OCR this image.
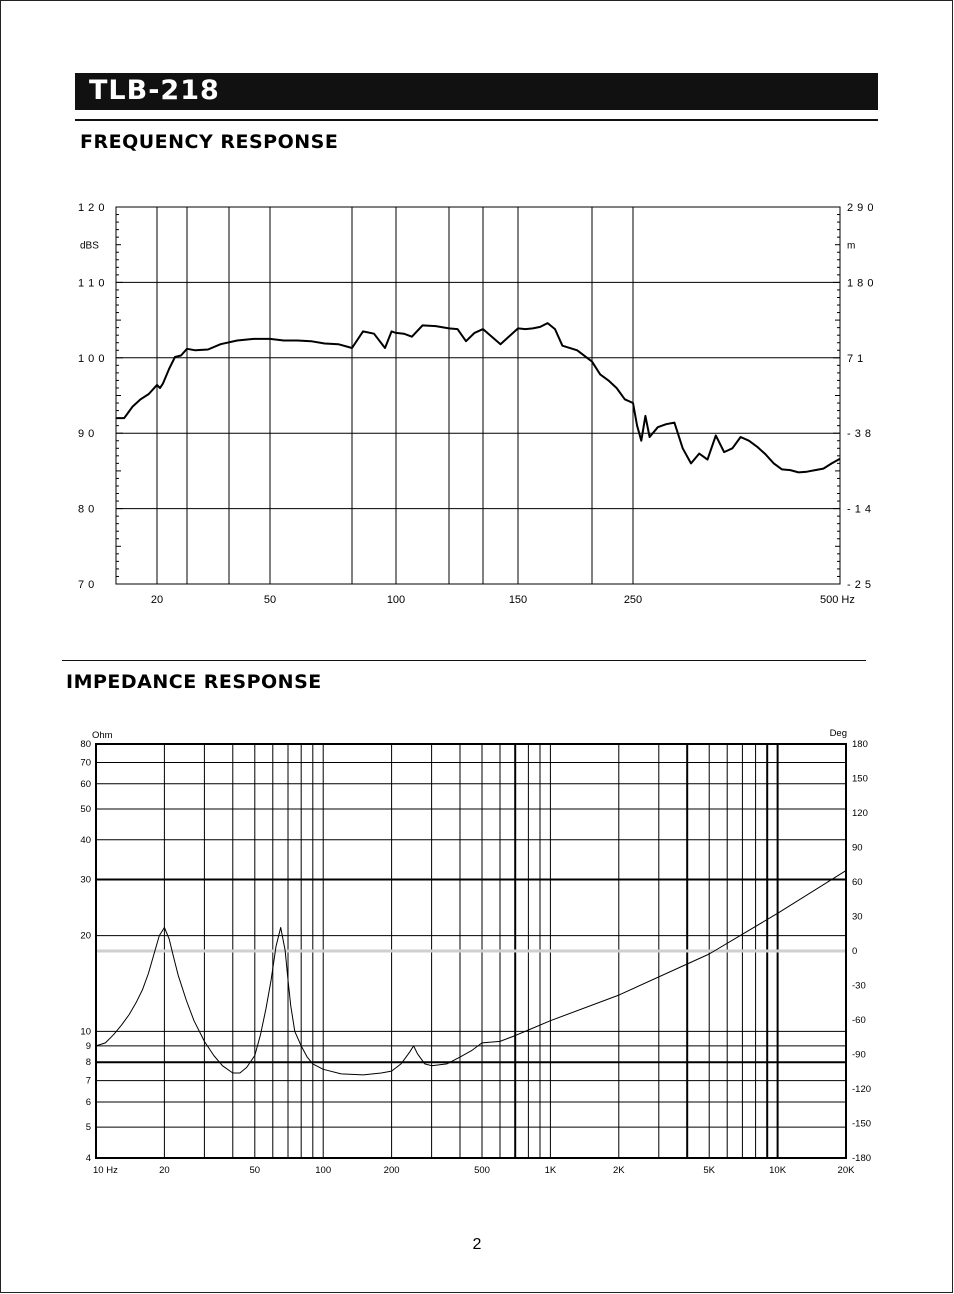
TLB-218
FREQUENCY RESPONSE
IMPEDANCE RESPONSE
1 2 0
1 1 0
1 0 0
9 0
8 0
7 0
dBS
2 9 0
1 8 0
7 1
- 3 8
- 1 4
- 2 5
m
20	50	100	150	250	500 Hz
80
70
60
50
40
30
20
10
9
8
7
6
5
4
Ohm
180
150
120
90
60
30
0
-30
-60
-90
-120
-150
-180
Deg
10 Hz	20	50	100	200	500	1K	2K	5K	10K	20K
2
